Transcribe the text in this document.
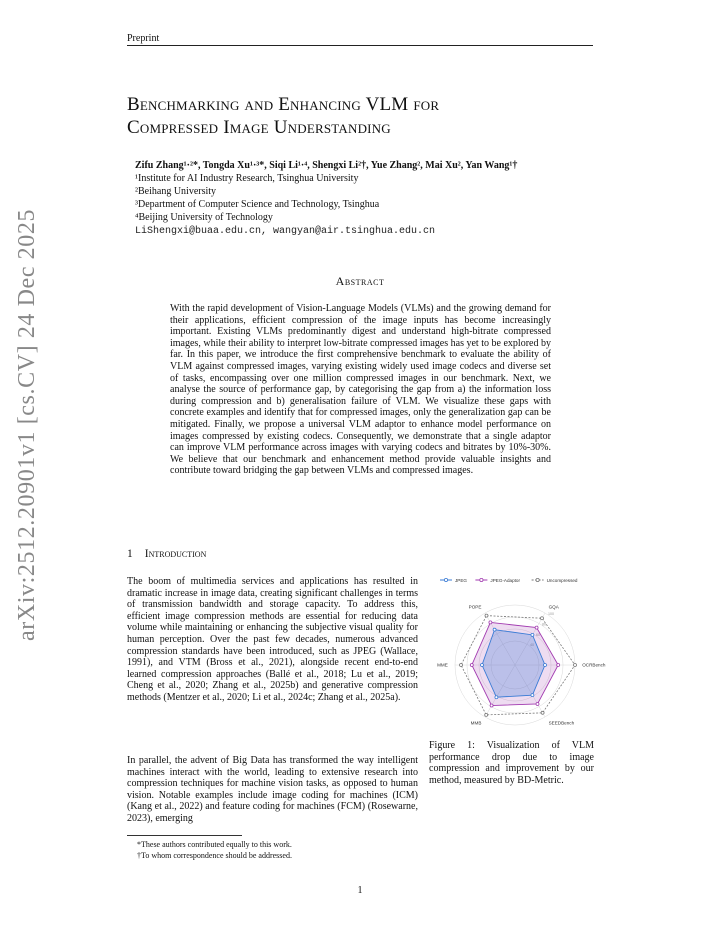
Preprint
Benchmarking and Enhancing VLM for
Compressed Image Understanding
Zifu Zhang¹·²*, Tongda Xu¹·³*, Siqi Li¹·⁴, Shengxi Li²†, Yue Zhang², Mai Xu², Yan Wang¹†
¹Institute for AI Industry Research, Tsinghua University
²Beihang University
³Department of Computer Science and Technology, Tsinghua
⁴Beijing University of Technology
LiShengxi@buaa.edu.cn, wangyan@air.tsinghua.edu.cn
arXiv:2512.20901v1 [cs.CV] 24 Dec 2025	Abstract
With the rapid development of Vision-Language Models (VLMs) and the growing demand for their applications, efficient compression of the image inputs has become increasingly important. Existing VLMs predominantly digest and understand high-bitrate compressed images, while their ability to interpret low-bitrate compressed images has yet to be explored by far. In this paper, we introduce the first comprehensive benchmark to evaluate the ability of VLM against compressed images, varying existing widely used image codecs and diverse set of tasks, encompassing over one million compressed images in our benchmark. Next, we analyse the source of performance gap, by categorising the gap from a) the information loss during compression and b) generalisation failure of VLM. We visualize these gaps with concrete examples and identify that for compressed images, only the generalization gap can be mitigated. Finally, we propose a universal VLM adaptor to enhance model performance on images compressed by existing codecs. Consequently, we demonstrate that a single adaptor can improve VLM performance across images with varying codecs and bitrates by 10%-30%. We believe that our benchmark and enhancement method provide valuable insights and contribute toward bridging the gap between VLMs and compressed images.
1 Introduction
The boom of multimedia services and applications has resulted in dramatic increase in image data, creating significant challenges in terms of transmission bandwidth and storage capacity. To address this, efficient image compression methods are essential for reducing data volume while maintaining or enhancing the subjective visual quality for human perception. Over the past few decades, numerous advanced compression standards have been introduced, such as JPEG (Wallace, 1991), and VTM (Bross et al., 2021), alongside recent end-to-end learned compression approaches (Ballé et al., 2018; Lu et al., 2019; Cheng et al., 2020; Zhang et al., 2025b) and generative compression methods (Mentzer et al., 2020; Li et al., 2024c; Zhang et al., 2025a).
In parallel, the advent of Big Data has transformed the way intelligent machines interact with the world, leading to extensive research into compression techniques for machine vision tasks, as opposed to human vision. Notable examples include image coding for machines (ICM) (Kang et al., 2022) and feature coding for machines (FCM) (Rosewarne, 2023), emerging
JPEG	JPEG-Adaptor	Uncompressed
40
60
80
100
POPE	GQA
OCRBench
SEEDBench
MMB
MME
Figure 1: Visualization of VLM performance drop due to image compression and improvement by our method, measured by BD-Metric.
*These authors contributed equally to this work.
†To whom correspondence should be addressed.
1
